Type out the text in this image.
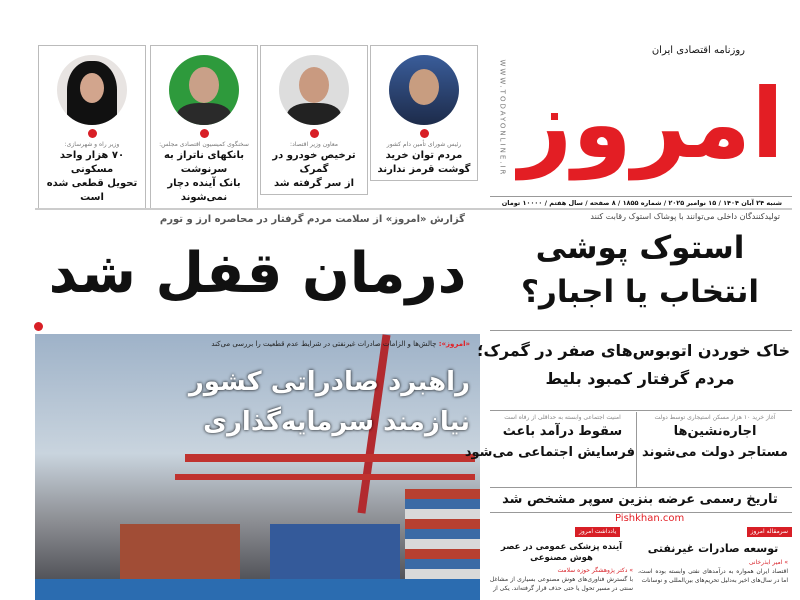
رئیس شورای تأمین دام کشور
مردم توان خرید
گوشت قرمز ندارند
معاون وزیر اقتصاد:
ترخیص خودرو در گمرک
از سر گرفته شد
سخنگوی کمیسیون اقتصادی مجلس:
بانکهای ناتراز به سرنوشت
بانک آینده دچار نمی‌شوند
وزیر راه و شهرسازی:
۷۰ هزار واحد مسکونی
تحویل قطعی شده است
WWW.TODAYONLINE.IR
روزنامه اقتصادی ایران
امروز
شنبه ۲۴ آبان ۱۴۰۴ / ۱۵ نوامبر ۲۰۲۵ / شماره ۱۸۵۵ / ۸ صفحه / سال هفتم / ۱۰۰۰۰ تومان
گزارش «امروز» از سلامت مردم گرفتار در محاصره ارز و تورم
درمان قفل شد
«امروز»: چالش‌ها و الزامات صادرات غیرنفتی در شرایط عدم قطعیت را بررسی می‌کند
راهبرد صادراتی کشور
نیازمند سرمایه‌گذاری
تولیدکنندگان داخلی می‌توانند با پوشاک استوک رقابت کنند
استوک پوشی
انتخاب یا اجبار؟
خاک خوردن اتوبوس‌های صفر در گمرک؛
مردم گرفتار کمبود بلیط
آغاز خرید ۱۰ هزار مسکن استیجاری توسط دولت
اجاره‌نشین‌ها
مستاجر دولت می‌شوند
امنیت اجتماعی وابسته به حداقلی از رفاه است
سقوط درآمد باعث
فرسایش اجتماعی می‌شود
تاریخ رسمی عرضه بنزین سوپر مشخص شد
Pishkhan.com
سرمقاله امروز
توسعه صادرات غیرنفتی
» امیر ابذرخانی
اقتصاد ایران همواره به درآمدهای نفتی وابسته بوده است، اما در سال‌های اخیر به‌دلیل تحریم‌های بین‌المللی و نوسانات
یادداشت امروز
آینده پزشکی عمومی در عصر هوش مصنوعی
» دکتر پژوهشگر حوزه سلامت
با گسترش فناوری‌های هوش مصنوعی بسیاری از مشاغل سنتی در مسیر تحول یا حتی حذف قرار گرفته‌اند. یکی از
